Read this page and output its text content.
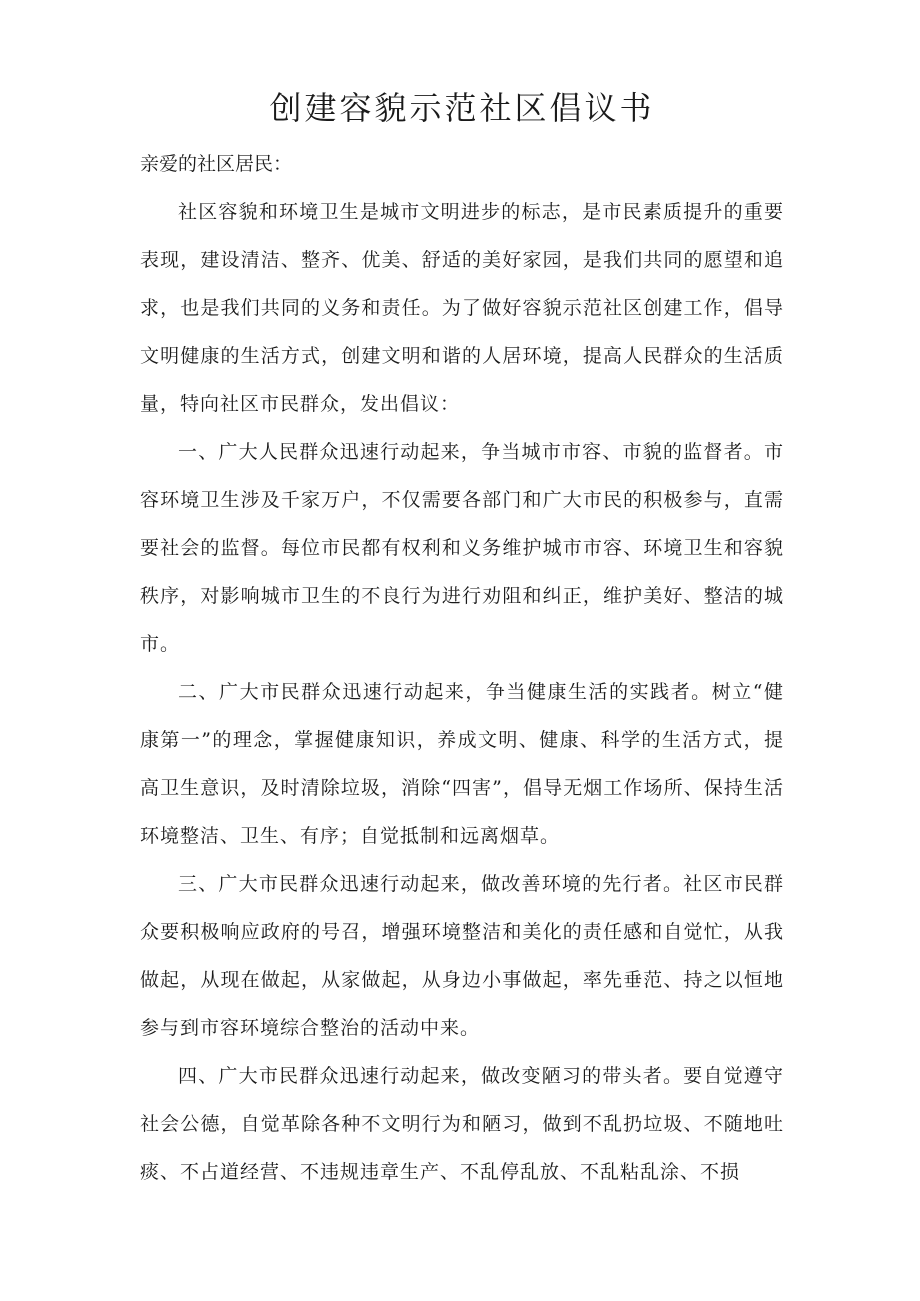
创建容貌示范社区倡议书

亲爱的社区居民：

社区容貌和环境卫生是城市文明进步的标志，是市民素质提升的重要表现，建设清洁、整齐、优美、舒适的美好家园，是我们共同的愿望和追求，也是我们共同的义务和责任。为了做好容貌示范社区创建工作，倡导文明健康的生活方式，创建文明和谐的人居环境，提高人民群众的生活质量，特向社区市民群众，发出倡议：

一、广大人民群众迅速行动起来，争当城市市容、市貌的监督者。市容环境卫生涉及千家万户，不仅需要各部门和广大市民的积极参与，直需要社会的监督。每位市民都有权利和义务维护城市市容、环境卫生和容貌秩序，对影响城市卫生的不良行为进行劝阻和纠正，维护美好、整洁的城市。

二、广大市民群众迅速行动起来，争当健康生活的实践者。树立“健康第一”的理念，掌握健康知识，养成文明、健康、科学的生活方式，提高卫生意识，及时清除垃圾，消除“四害”，倡导无烟工作场所、保持生活环境整洁、卫生、有序；自觉抵制和远离烟草。

三、广大市民群众迅速行动起来，做改善环境的先行者。社区市民群众要积极响应政府的号召，增强环境整洁和美化的责任感和自觉忙，从我做起，从现在做起，从家做起，从身边小事做起，率先垂范、持之以恒地参与到市容环境综合整治的活动中来。

四、广大市民群众迅速行动起来，做改变陋习的带头者。要自觉遵守社会公德，自觉革除各种不文明行为和陋习，做到不乱扔垃圾、不随地吐痰、不占道经营、不违规违章生产、不乱停乱放、不乱粘乱涂、不损
